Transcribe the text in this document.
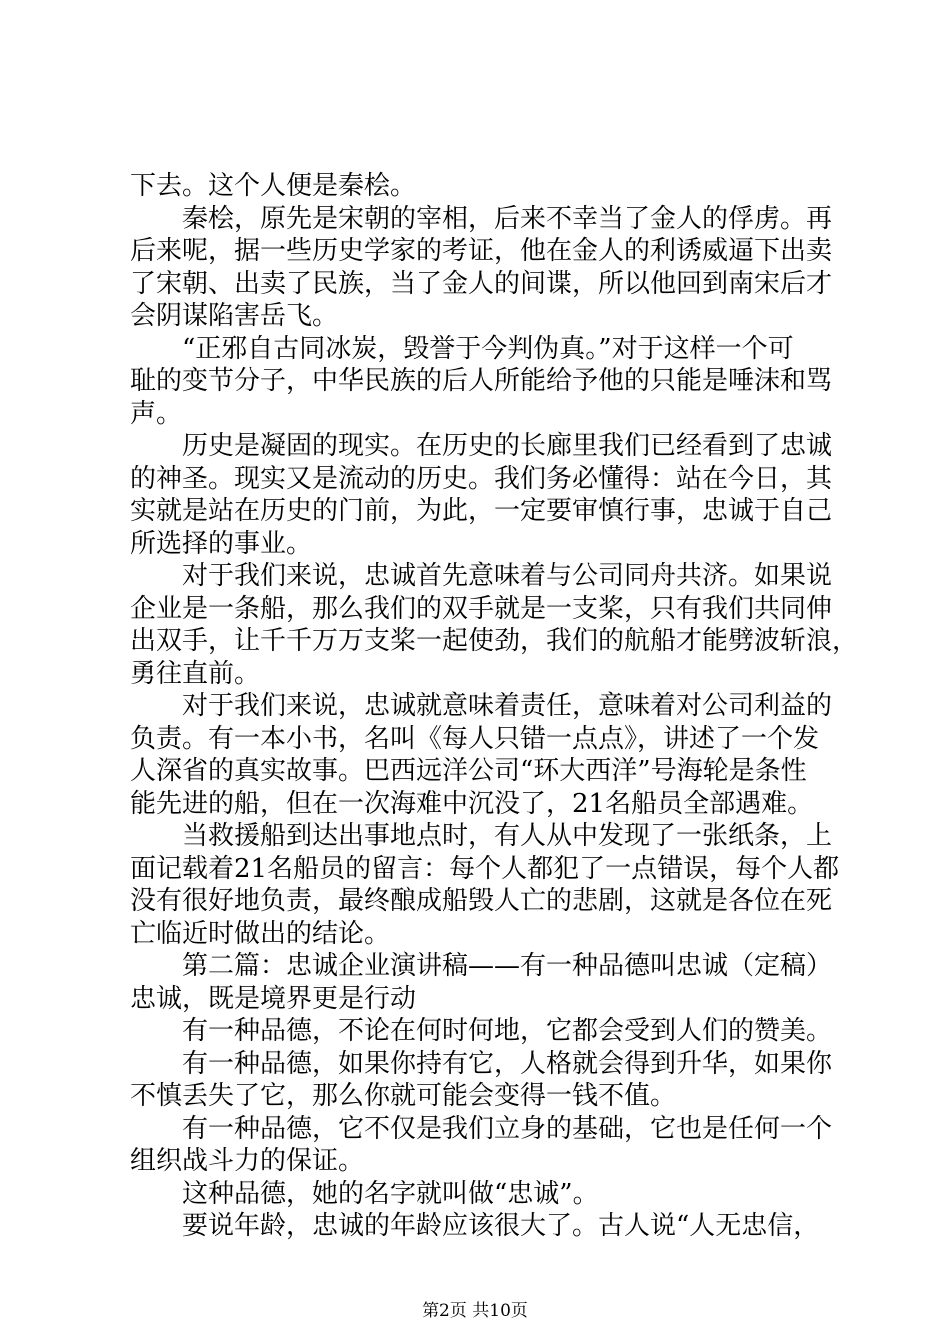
下去。这个人便是秦桧。
秦桧，原先是宋朝的宰相，后来不幸当了金人的俘虏。再
后来呢，据一些历史学家的考证，他在金人的利诱威逼下出卖
了宋朝、出卖了民族，当了金人的间谍，所以他回到南宋后才
会阴谋陷害岳飞。
“正邪自古同冰炭，毁誉于今判伪真。”对于这样一个可
耻的变节分子，中华民族的后人所能给予他的只能是唾沫和骂
声。
历史是凝固的现实。在历史的长廊里我们已经看到了忠诚
的神圣。现实又是流动的历史。我们务必懂得：站在今日，其
实就是站在历史的门前，为此，一定要审慎行事，忠诚于自己
所选择的事业。
对于我们来说，忠诚首先意味着与公司同舟共济。如果说
企业是一条船，那么我们的双手就是一支桨，只有我们共同伸
出双手，让千千万万支桨一起使劲，我们的航船才能劈波斩浪，
勇往直前。
对于我们来说，忠诚就意味着责任，意味着对公司利益的
负责。有一本小书，名叫《每人只错一点点》，讲述了一个发
人深省的真实故事。巴西远洋公司“环大西洋”号海轮是条性
能先进的船，但在一次海难中沉没了，21名船员全部遇难。
当救援船到达出事地点时，有人从中发现了一张纸条，上
面记载着21名船员的留言：每个人都犯了一点错误，每个人都
没有很好地负责，最终酿成船毁人亡的悲剧，这就是各位在死
亡临近时做出的结论。
第二篇：忠诚企业演讲稿——有一种品德叫忠诚（定稿）
忠诚，既是境界更是行动
有一种品德，不论在何时何地，它都会受到人们的赞美。
有一种品德，如果你持有它，人格就会得到升华，如果你
不慎丢失了它，那么你就可能会变得一钱不值。
有一种品德，它不仅是我们立身的基础，它也是任何一个
组织战斗力的保证。
这种品德，她的名字就叫做“忠诚”。
要说年龄，忠诚的年龄应该很大了。古人说“人无忠信，
第2页 共10页
